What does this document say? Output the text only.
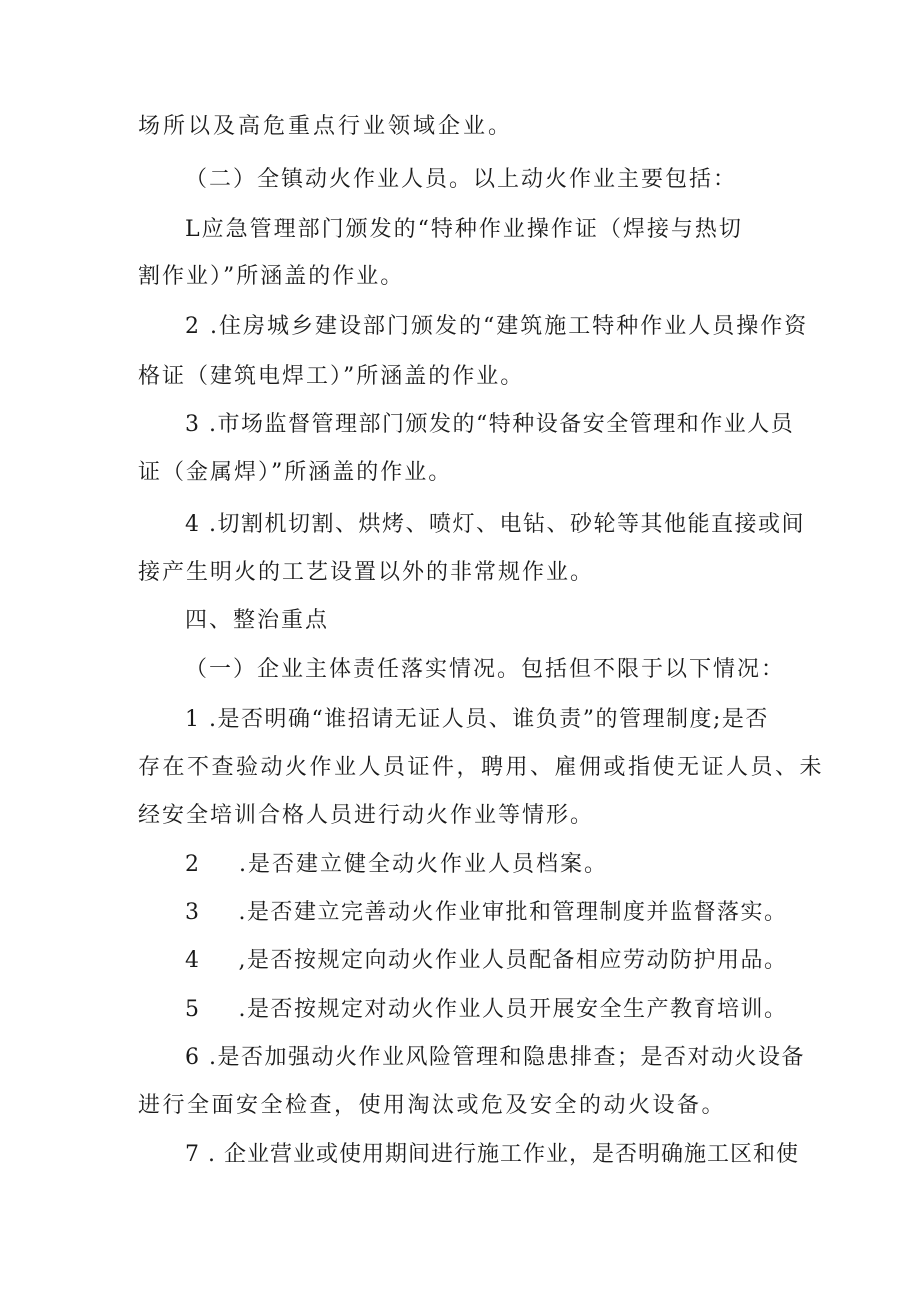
场所以及高危重点行业领域企业。
（二）全镇动火作业人员。以上动火作业主要包括：
L应急管理部门颁发的“特种作业操作证（焊接与热切
割作业）”所涵盖的作业。
2 .住房城乡建设部门颁发的“建筑施工特种作业人员操作资
格证（建筑电焊工）”所涵盖的作业。
3 .市场监督管理部门颁发的“特种设备安全管理和作业人员
证（金属焊）”所涵盖的作业。
4 .切割机切割、烘烤、喷灯、电钻、砂轮等其他能直接或间
接产生明火的工艺设置以外的非常规作业。
四、整治重点
（一）企业主体责任落实情况。包括但不限于以下情况：
1 .是否明确“谁招请无证人员、谁负责”的管理制度;是否
存在不查验动火作业人员证件，聘用、雇佣或指使无证人员、未
经安全培训合格人员进行动火作业等情形。
2 .是否建立健全动火作业人员档案。
3 .是否建立完善动火作业审批和管理制度并监督落实。
4 ,是否按规定向动火作业人员配备相应劳动防护用品。
5 .是否按规定对动火作业人员开展安全生产教育培训。
6 .是否加强动火作业风险管理和隐患排查；是否对动火设备
进行全面安全检查，使用淘汰或危及安全的动火设备。
7 . 企业营业或使用期间进行施工作业，是否明确施工区和使
